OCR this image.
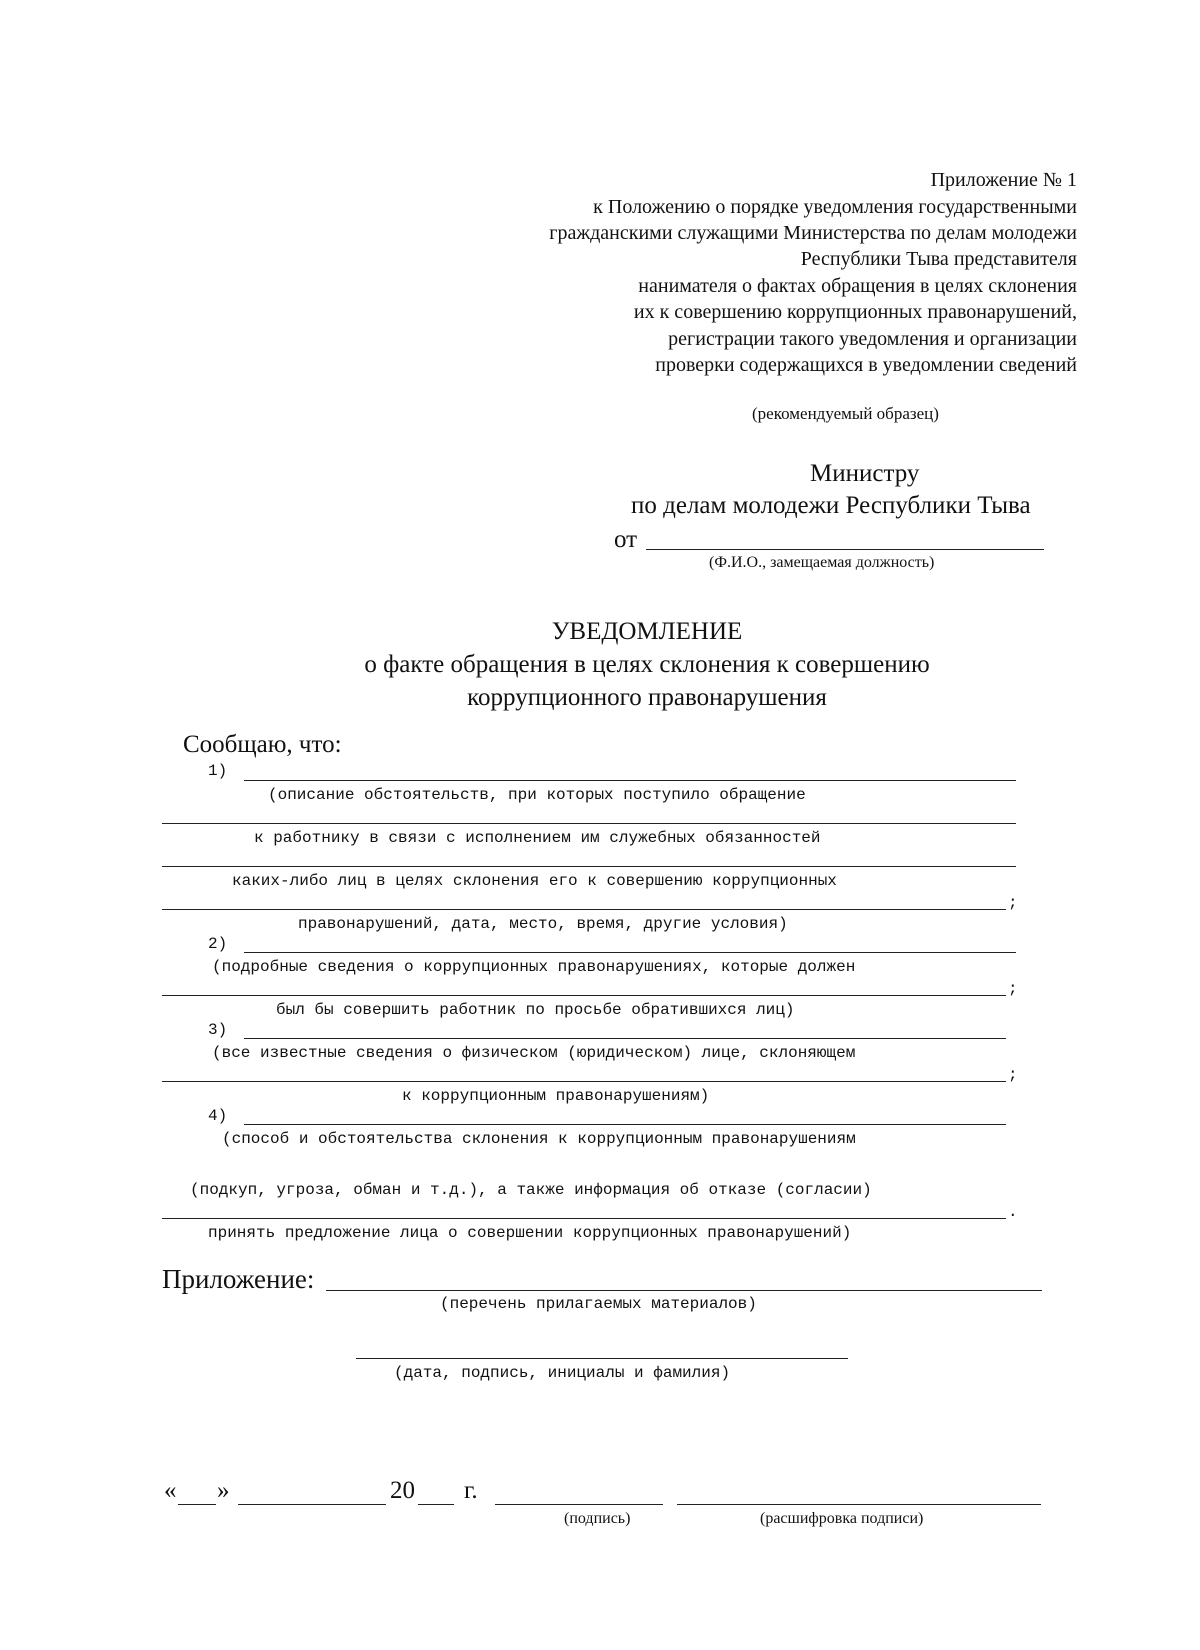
Приложение № 1
к Положению о порядке уведомления государственными
гражданскими служащими Министерства по делам молодежи
Республики Тыва представителя
нанимателя о фактах обращения в целях склонения
их к совершению коррупционных правонарушений,
регистрации такого уведомления и организации
проверки содержащихся в уведомлении сведений
(рекомендуемый образец)
Министру
по делам молодежи Республики Тыва
от
(Ф.И.О., замещаемая должность)
УВЕДОМЛЕНИЕ
о факте обращения в целях склонения к совершению
коррупционного правонарушения
Сообщаю, что:
1)
(описание обстоятельств, при которых поступило обращение
к работнику в связи с исполнением им служебных обязанностей
каких-либо лиц в целях склонения его к совершению коррупционных
;
правонарушений, дата, место, время, другие условия)
2)
(подробные сведения о коррупционных правонарушениях, которые должен
;
был бы совершить работник по просьбе обратившихся лиц)
3)
(все известные сведения о физическом (юридическом) лице, склоняющем
;
к коррупционным правонарушениям)
4)
(способ и обстоятельства склонения к коррупционным правонарушениям
(подкуп, угроза, обман и т.д.), а также информация об отказе (согласии)
.
принять предложение лица о совершении коррупционных правонарушений)
Приложение:
(перечень прилагаемых материалов)
(дата, подпись, инициалы и фамилия)
« »	20 г.
(подпись)	(расшифровка подписи)
